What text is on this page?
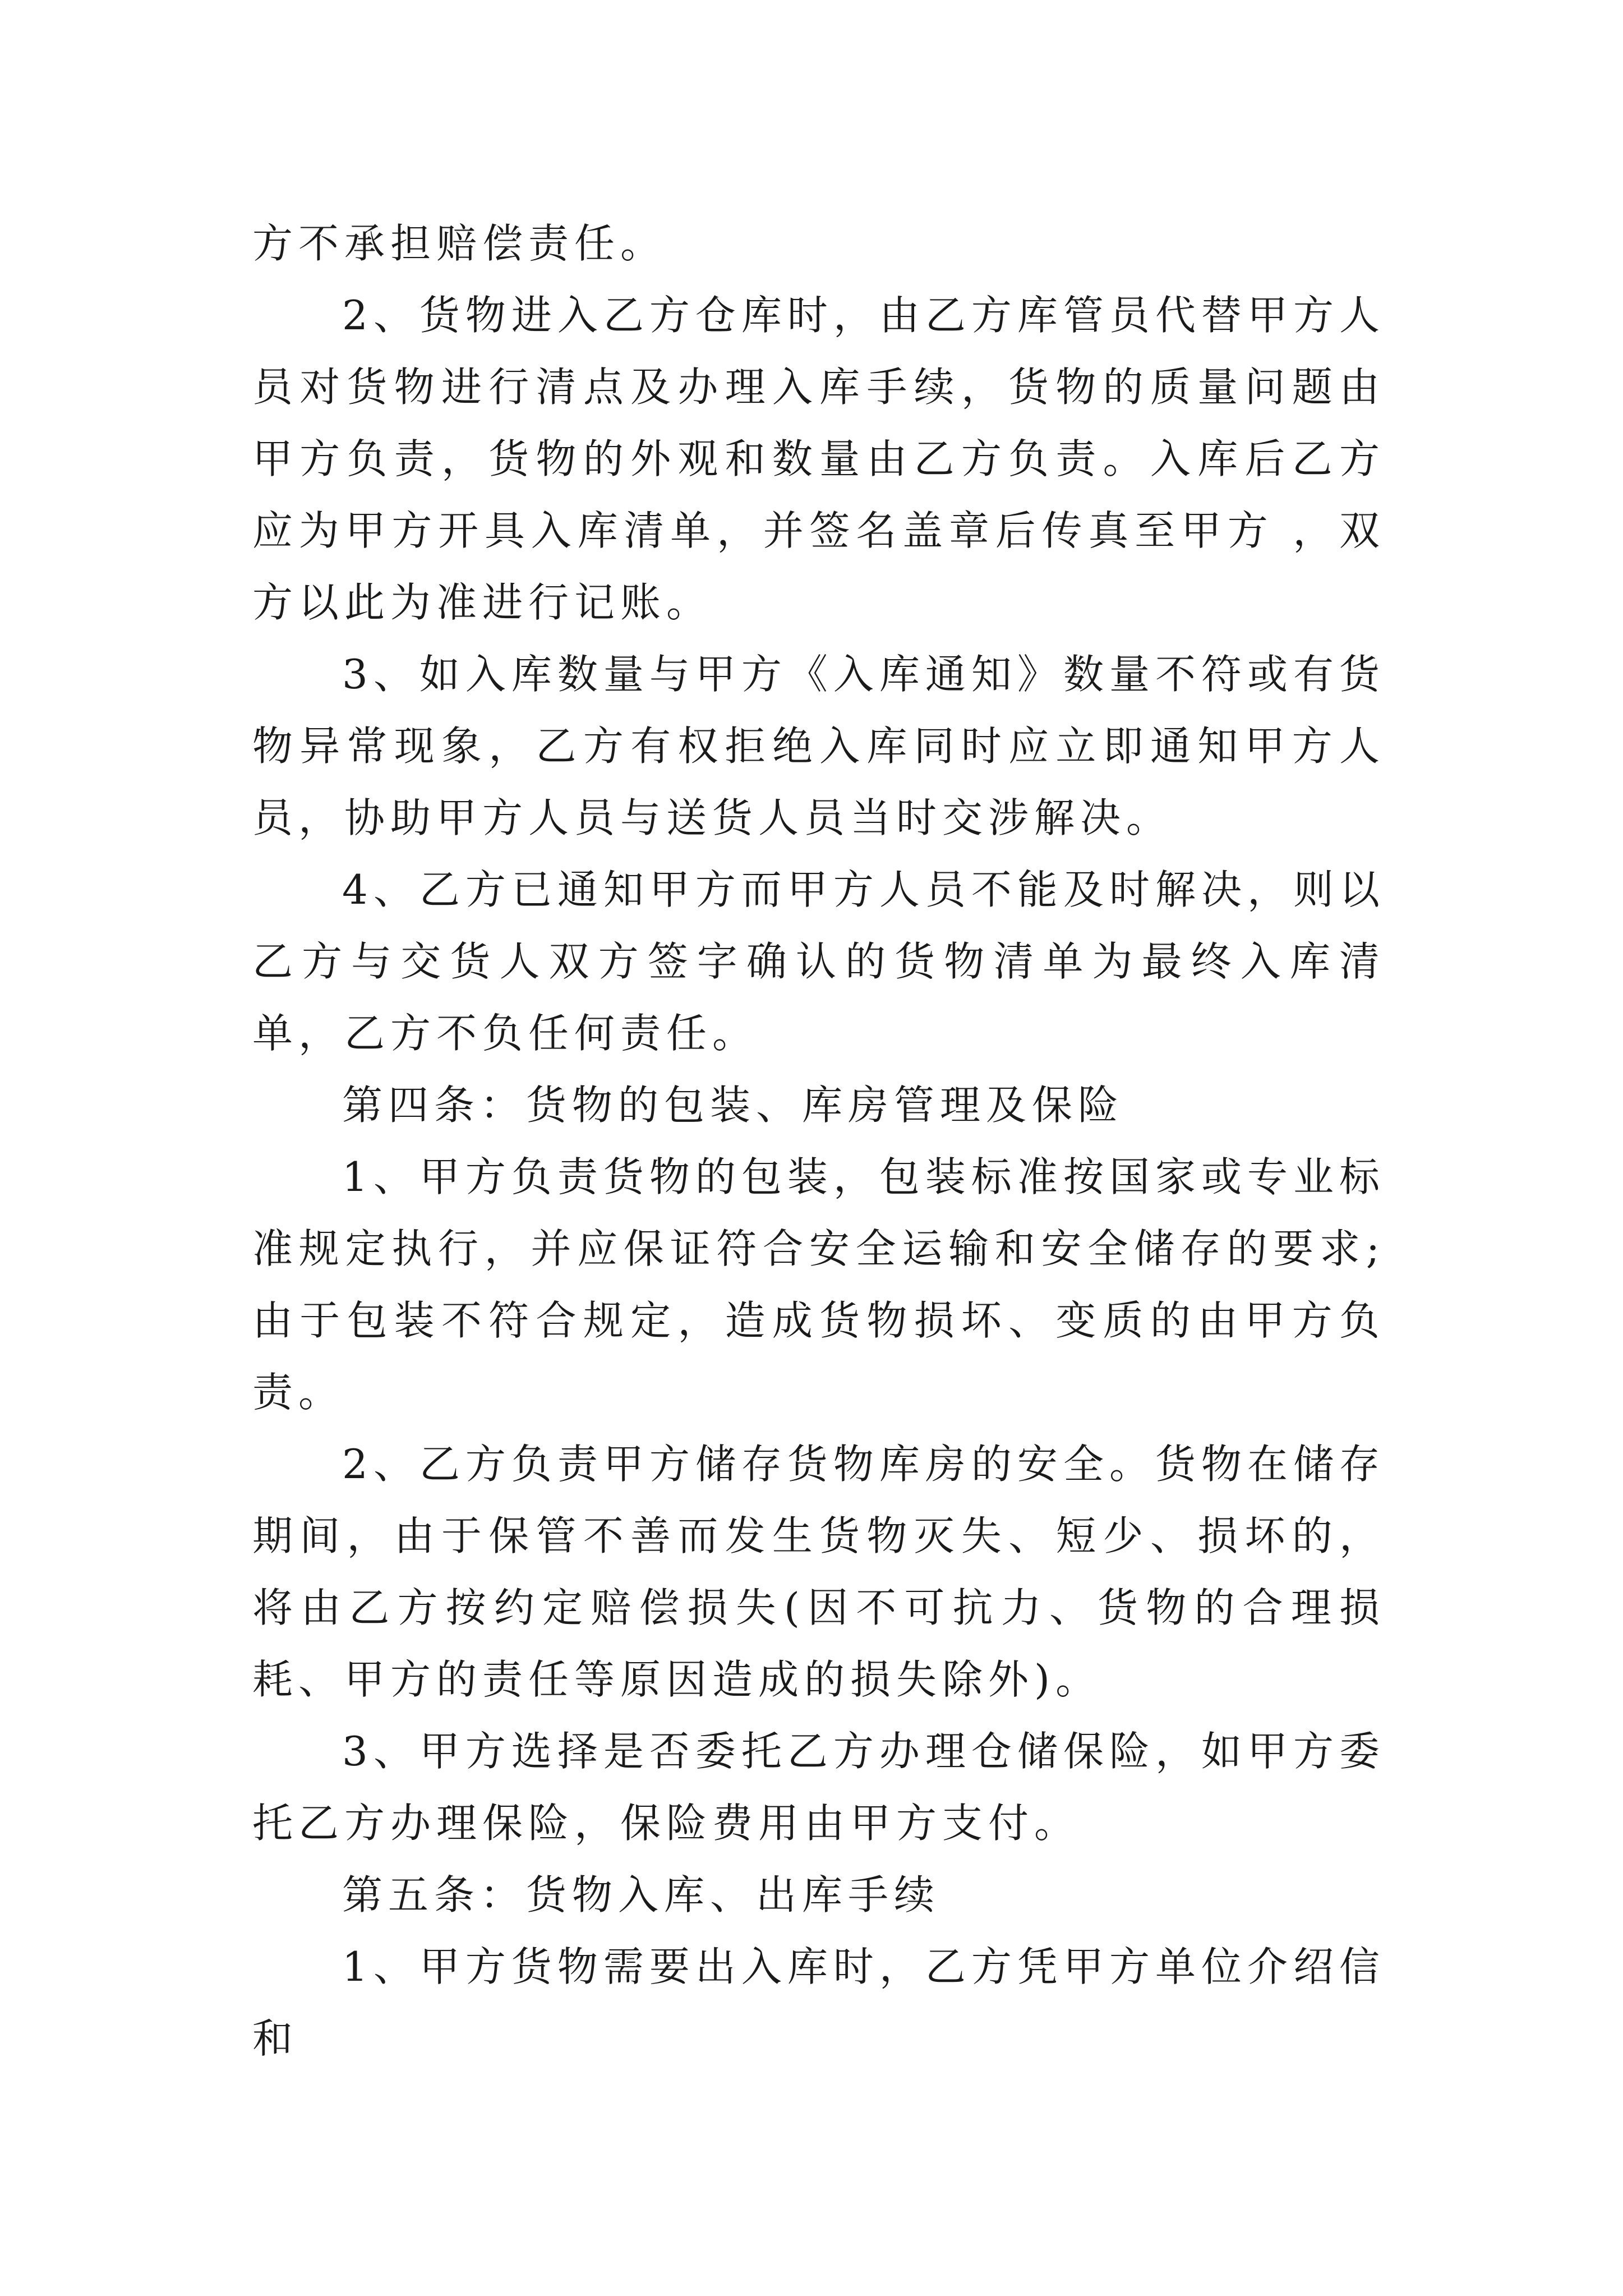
方不承担赔偿责任。

2、货物进入乙方仓库时，由乙方库管员代替甲方人员对货物进行清点及办理入库手续，货物的质量问题由甲方负责，货物的外观和数量由乙方负责。入库后乙方应为甲方开具入库清单，并签名盖章后传真至甲方 ，双方以此为准进行记账。

3、如入库数量与甲方《入库通知》数量不符或有货物异常现象，乙方有权拒绝入库同时应立即通知甲方人员，协助甲方人员与送货人员当时交涉解决。

4、乙方已通知甲方而甲方人员不能及时解决，则以乙方与交货人双方签字确认的货物清单为最终入库清单，乙方不负任何责任。

第四条：货物的包装、库房管理及保险

1、甲方负责货物的包装，包装标准按国家或专业标准规定执行，并应保证符合安全运输和安全储存的要求;由于包装不符合规定，造成货物损坏、变质的由甲方负责。

2、乙方负责甲方储存货物库房的安全。货物在储存期间，由于保管不善而发生货物灭失、短少、损坏的，将由乙方按约定赔偿损失(因不可抗力、货物的合理损耗、甲方的责任等原因造成的损失除外)。

3、甲方选择是否委托乙方办理仓储保险，如甲方委托乙方办理保险，保险费用由甲方支付。

第五条：货物入库、出库手续

1、甲方货物需要出入库时，乙方凭甲方单位介绍信和
